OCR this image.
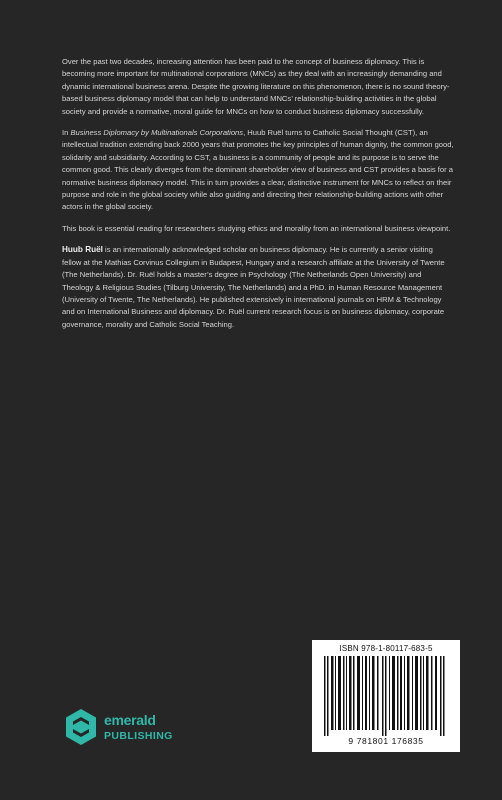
Over the past two decades, increasing attention has been paid to the concept of business diplomacy. This is becoming more important for multinational corporations (MNCs) as they deal with an increasingly demanding and dynamic international business arena. Despite the growing literature on this phenomenon, there is no sound theory-based business diplomacy model that can help to understand MNCs’ relationship-building activities in the global society and provide a normative, moral guide for MNCs on how to conduct business diplomacy successfully.

In Business Diplomacy by Multinationals Corporations, Huub Ruël turns to Catholic Social Thought (CST), an intellectual tradition extending back 2000 years that promotes the key principles of human dignity, the common good, solidarity and subsidiarity. According to CST, a business is a community of people and its purpose is to serve the common good. This clearly diverges from the dominant shareholder view of business and CST provides a basis for a normative business diplomacy model. This in turn provides a clear, distinctive instrument for MNCs to reflect on their purpose and role in the global society while also guiding and directing their relationship-building actions with other actors in the global society.

This book is essential reading for researchers studying ethics and morality from an international business viewpoint.

Huub Ruël is an internationally acknowledged scholar on business diplomacy. He is currently a senior visiting fellow at the Mathias Corvinus Collegium in Budapest, Hungary and a research affiliate at the University of Twente (The Netherlands). Dr. Ruël holds a master’s degree in Psychology (The Netherlands Open University) and Theology & Religious Studies (Tilburg University, The Netherlands) and a PhD. in Human Resource Management (University of Twente, The Netherlands). He published extensively in international journals on HRM & Technology and on International Business and diplomacy. Dr. Ruël current research focus is on business diplomacy, corporate governance, morality and Catholic Social Teaching.

emerald
PUBLISHING
ISBN 978-1-80117-683-5
9 781801 176835
